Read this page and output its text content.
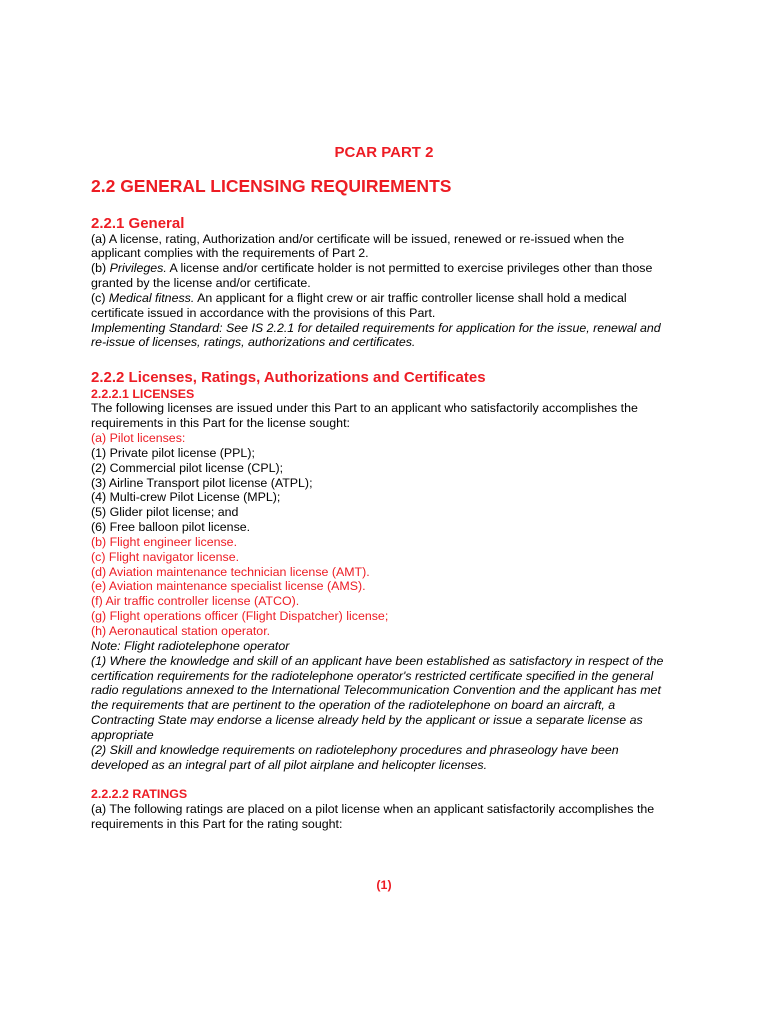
PCAR PART 2
2.2 GENERAL LICENSING REQUIREMENTS
2.2.1 General
(a) A license, rating, Authorization and/or certificate will be issued, renewed or re-issued when the
applicant complies with the requirements of Part 2.
(b) Privileges. A license and/or certificate holder is not permitted to exercise privileges other than those
granted by the license and/or certificate.
(c) Medical fitness. An applicant for a flight crew or air traffic controller license shall hold a medical
certificate issued in accordance with the provisions of this Part.
Implementing Standard: See IS 2.2.1 for detailed requirements for application for the issue, renewal and
re-issue of licenses, ratings, authorizations and certificates.
2.2.2 Licenses, Ratings, Authorizations and Certificates
2.2.2.1 LICENSES
The following licenses are issued under this Part to an applicant who satisfactorily accomplishes the
requirements in this Part for the license sought:
(a) Pilot licenses:
(1) Private pilot license (PPL);
(2) Commercial pilot license (CPL);
(3) Airline Transport pilot license (ATPL);
(4) Multi-crew Pilot License (MPL);
(5) Glider pilot license; and
(6) Free balloon pilot license.
(b) Flight engineer license.
(c) Flight navigator license.
(d) Aviation maintenance technician license (AMT).
(e) Aviation maintenance specialist license (AMS).
(f) Air traffic controller license (ATCO).
(g) Flight operations officer (Flight Dispatcher) license;
(h) Aeronautical station operator.
Note: Flight radiotelephone operator
(1) Where the knowledge and skill of an applicant have been established as satisfactory in respect of the
certification requirements for the radiotelephone operator's restricted certificate specified in the general
radio regulations annexed to the International Telecommunication Convention and the applicant has met
the requirements that are pertinent to the operation of the radiotelephone on board an aircraft, a
Contracting State may endorse a license already held by the applicant or issue a separate license as
appropriate
(2) Skill and knowledge requirements on radiotelephony procedures and phraseology have been
developed as an integral part of all pilot airplane and helicopter licenses.
2.2.2.2 RATINGS
(a) The following ratings are placed on a pilot license when an applicant satisfactorily accomplishes the
requirements in this Part for the rating sought:
(1)
